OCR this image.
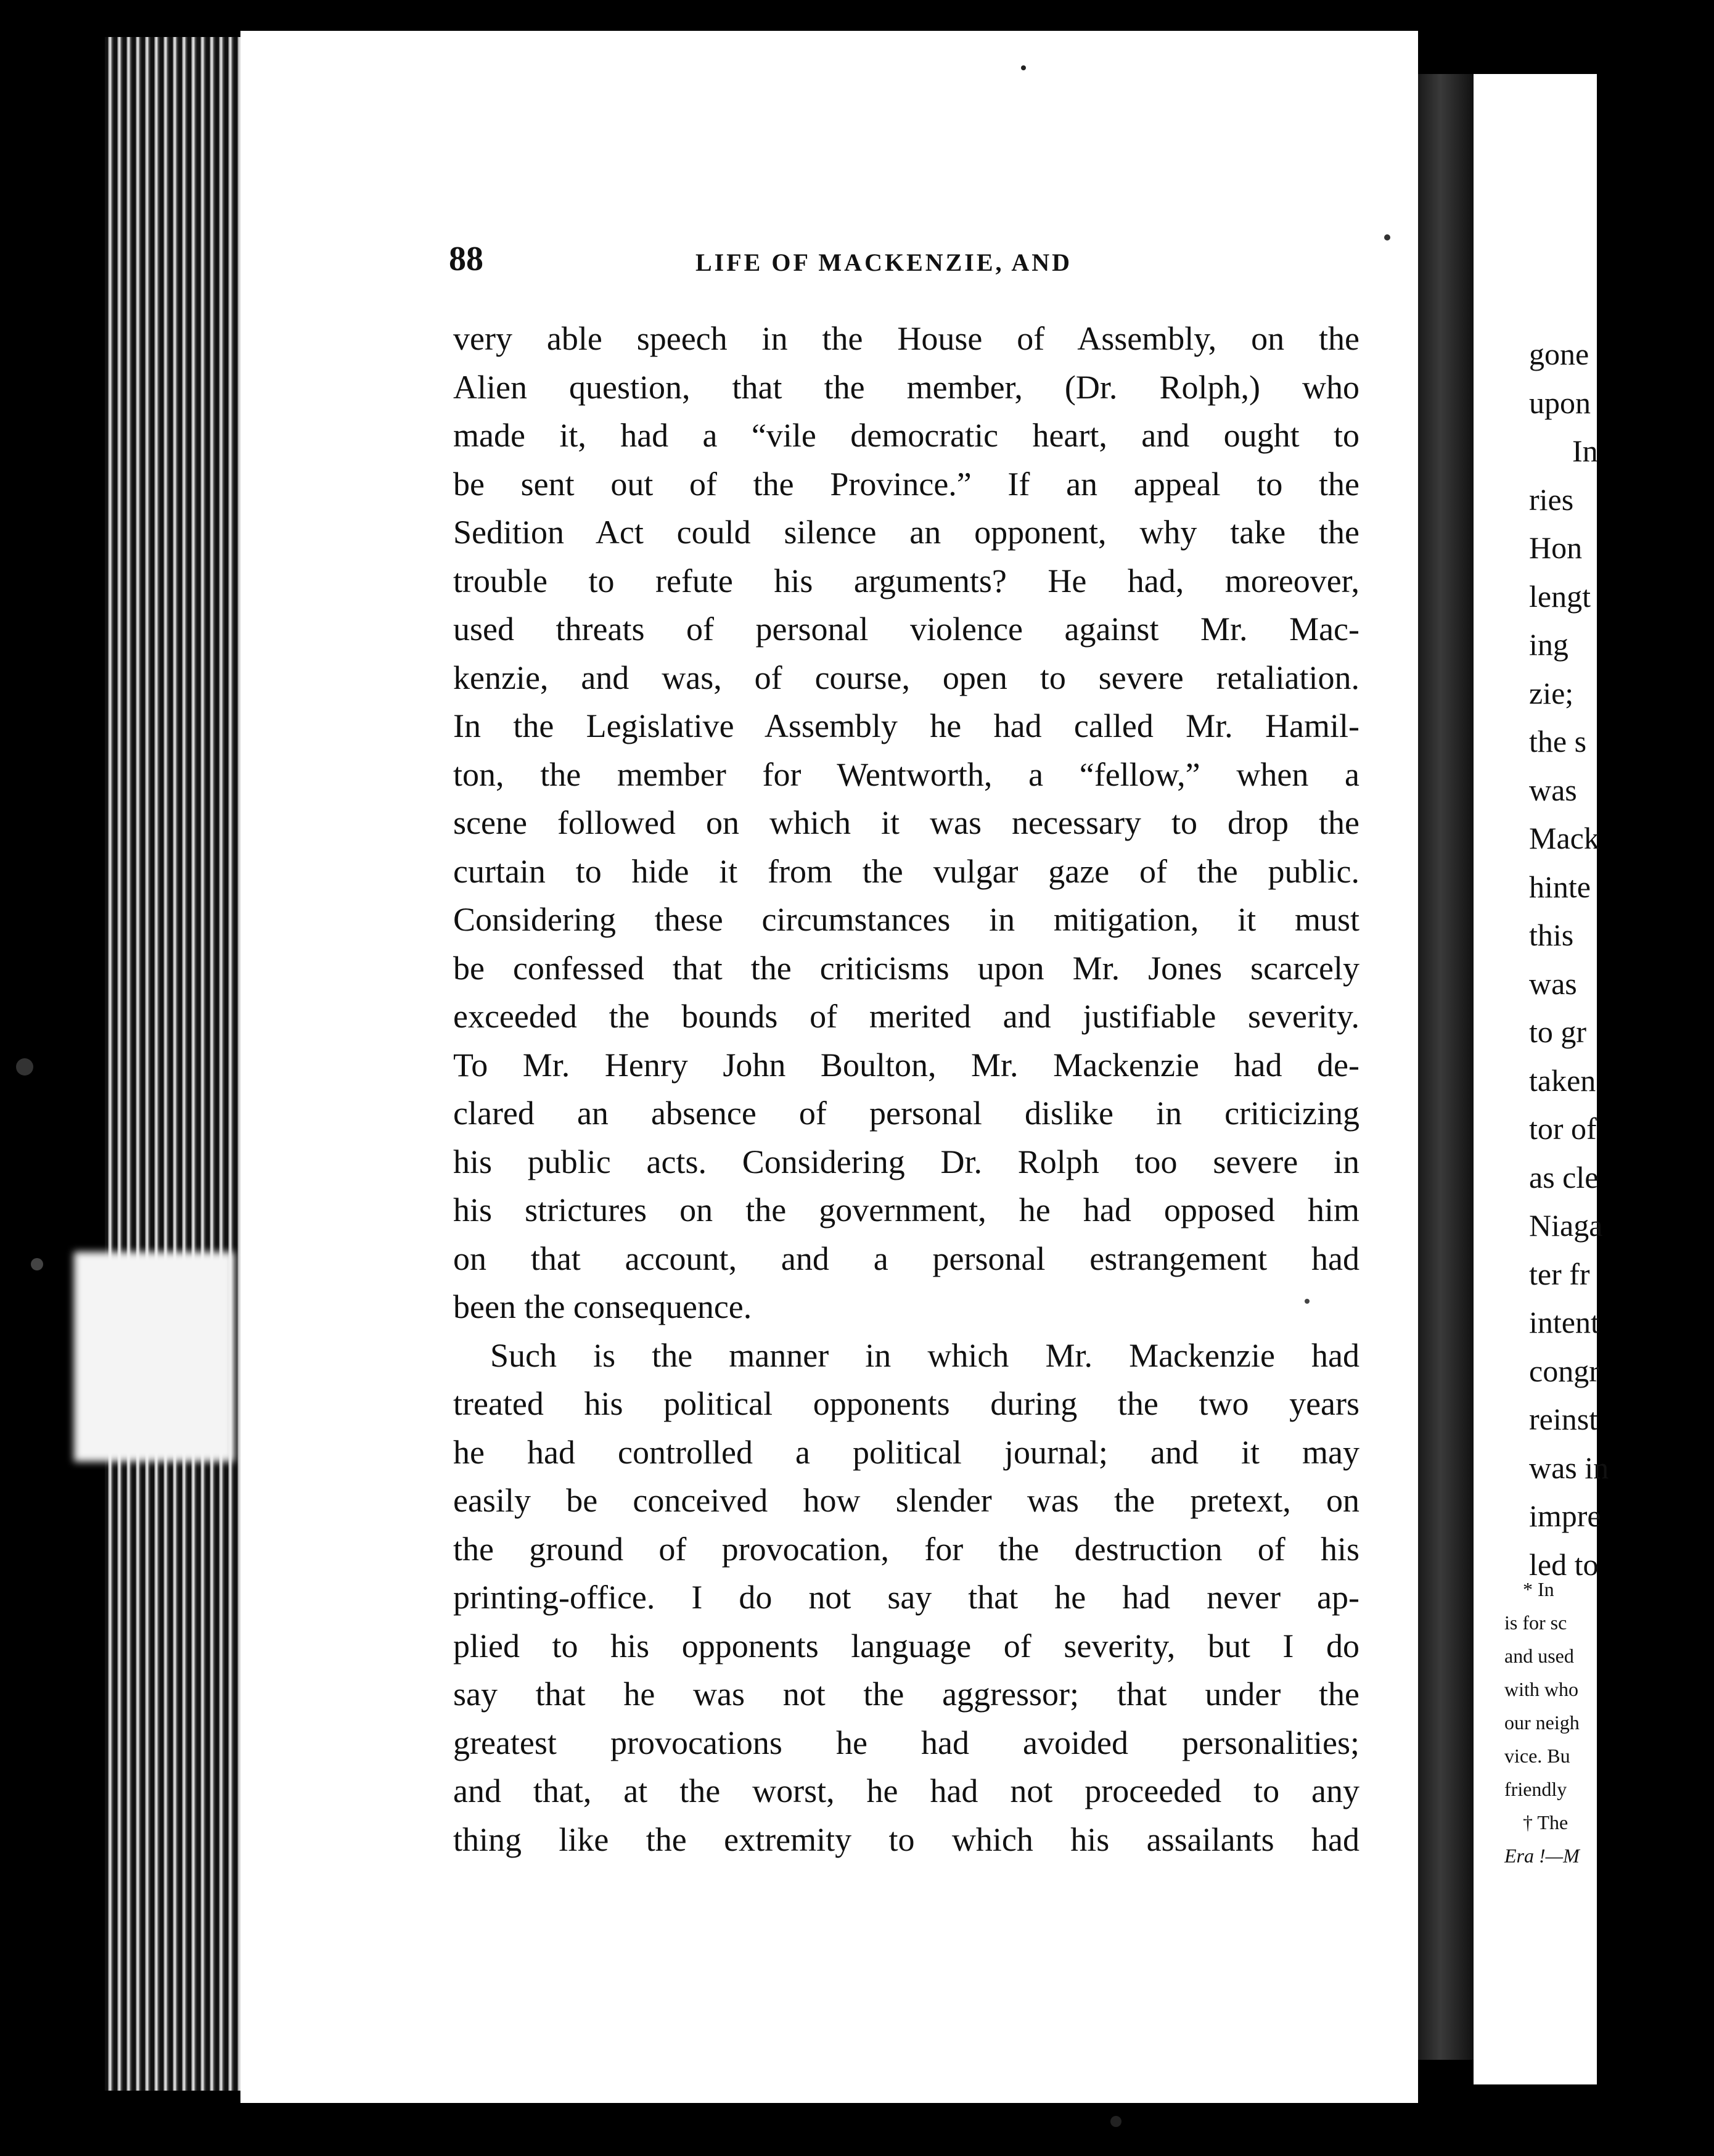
gone
upon
In
ries
Hon
lengt
ing
zie;
the s
was
Mack
hinte
this
was
to gr
taken
tor of
as cle
Niaga
ter fr
intent
congr
reinst
was in
impre
led to
* In
is for sc
and used
with who
our neigh
vice. Bu
friendly
† The
Era !—M
88	LIFE OF MACKENZIE, AND
very able speech in the House of Assembly, on the
Alien question, that the member, (Dr. Rolph,) who
made it, had a “vile democratic heart, and ought to
be sent out of the Province.” If an appeal to the
Sedition Act could silence an opponent, why take the
trouble to refute his arguments? He had, moreover,
used threats of personal violence against Mr. Mac-
kenzie, and was, of course, open to severe retaliation.
In the Legislative Assembly he had called Mr. Hamil-
ton, the member for Wentworth, a “fellow,” when a
scene followed on which it was necessary to drop the
curtain to hide it from the vulgar gaze of the public.
Considering these circumstances in mitigation, it must
be confessed that the criticisms upon Mr. Jones scarcely
exceeded the bounds of merited and justifiable severity.
To Mr. Henry John Boulton, Mr. Mackenzie had de-
clared an absence of personal dislike in criticizing
his public acts. Considering Dr. Rolph too severe in
his strictures on the government, he had opposed him
on that account, and a personal estrangement had
been the consequence.
Such is the manner in which Mr. Mackenzie had
treated his political opponents during the two years
he had controlled a political journal; and it may
easily be conceived how slender was the pretext, on
the ground of provocation, for the destruction of his
printing-office. I do not say that he had never ap-
plied to his opponents language of severity, but I do
say that he was not the aggressor; that under the
greatest provocations he had avoided personalities;
and that, at the worst, he had not proceeded to any
thing like the extremity to which his assailants had
